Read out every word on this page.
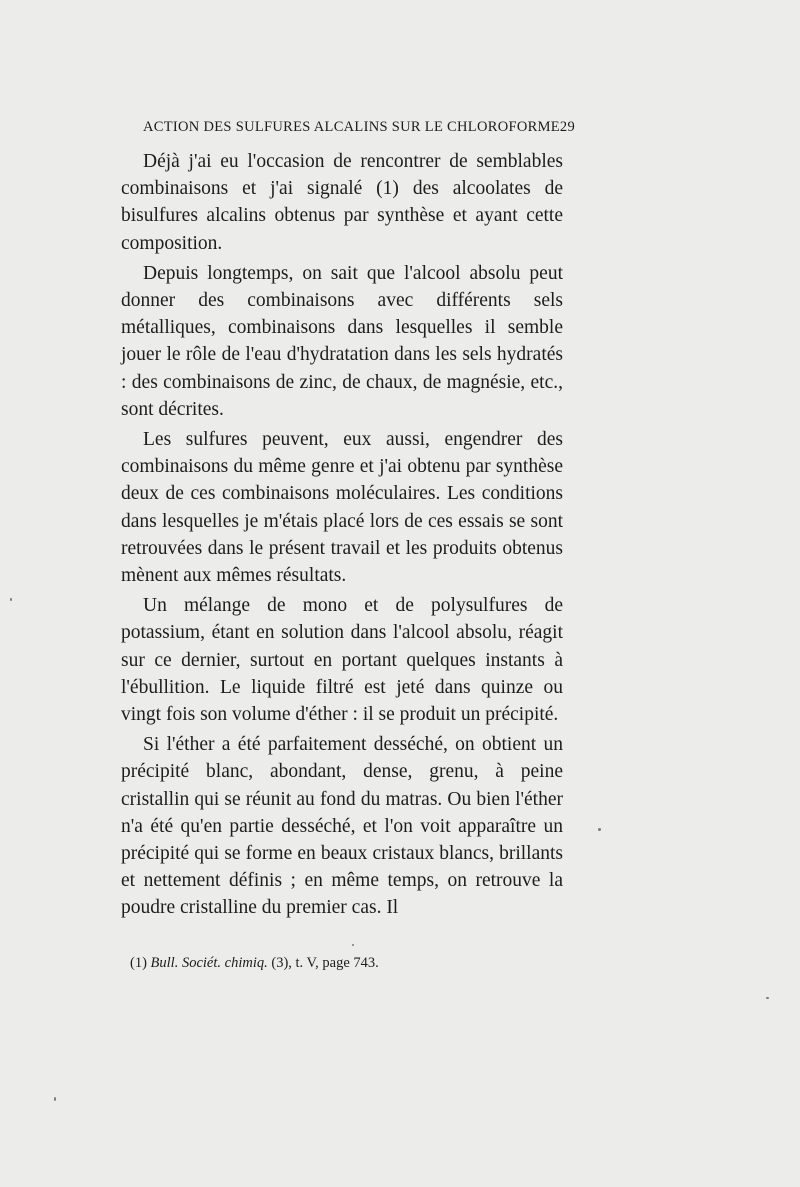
ACTION DES SULFURES ALCALINS SUR LE CHLOROFORME 29

Déjà j'ai eu l'occasion de rencontrer de semblables combinaisons et j'ai signalé (1) des alcoolates de bisulfures alcalins obtenus par synthèse et ayant cette composition.

Depuis longtemps, on sait que l'alcool absolu peut donner des combinaisons avec différents sels métalliques, combinaisons dans lesquelles il semble jouer le rôle de l'eau d'hydratation dans les sels hydratés : des combinaisons de zinc, de chaux, de magnésie, etc., sont décrites.

Les sulfures peuvent, eux aussi, engendrer des combinaisons du même genre et j'ai obtenu par synthèse deux de ces combinaisons moléculaires. Les conditions dans lesquelles je m'étais placé lors de ces essais se sont retrouvées dans le présent travail et les produits obtenus mènent aux mêmes résultats.

Un mélange de mono et de polysulfures de potassium, étant en solution dans l'alcool absolu, réagit sur ce dernier, surtout en portant quelques instants à l'ébullition. Le liquide filtré est jeté dans quinze ou vingt fois son volume d'éther : il se produit un précipité.

Si l'éther a été parfaitement desséché, on obtient un précipité blanc, abondant, dense, grenu, à peine cristallin qui se réunit au fond du matras. Ou bien l'éther n'a été qu'en partie desséché, et l'on voit apparaître un précipité qui se forme en beaux cristaux blancs, brillants et nettement définis ; en même temps, on retrouve la poudre cristalline du premier cas. Il

(1) Bull. Sociét. chimiq. (3), t. V, page 743.
